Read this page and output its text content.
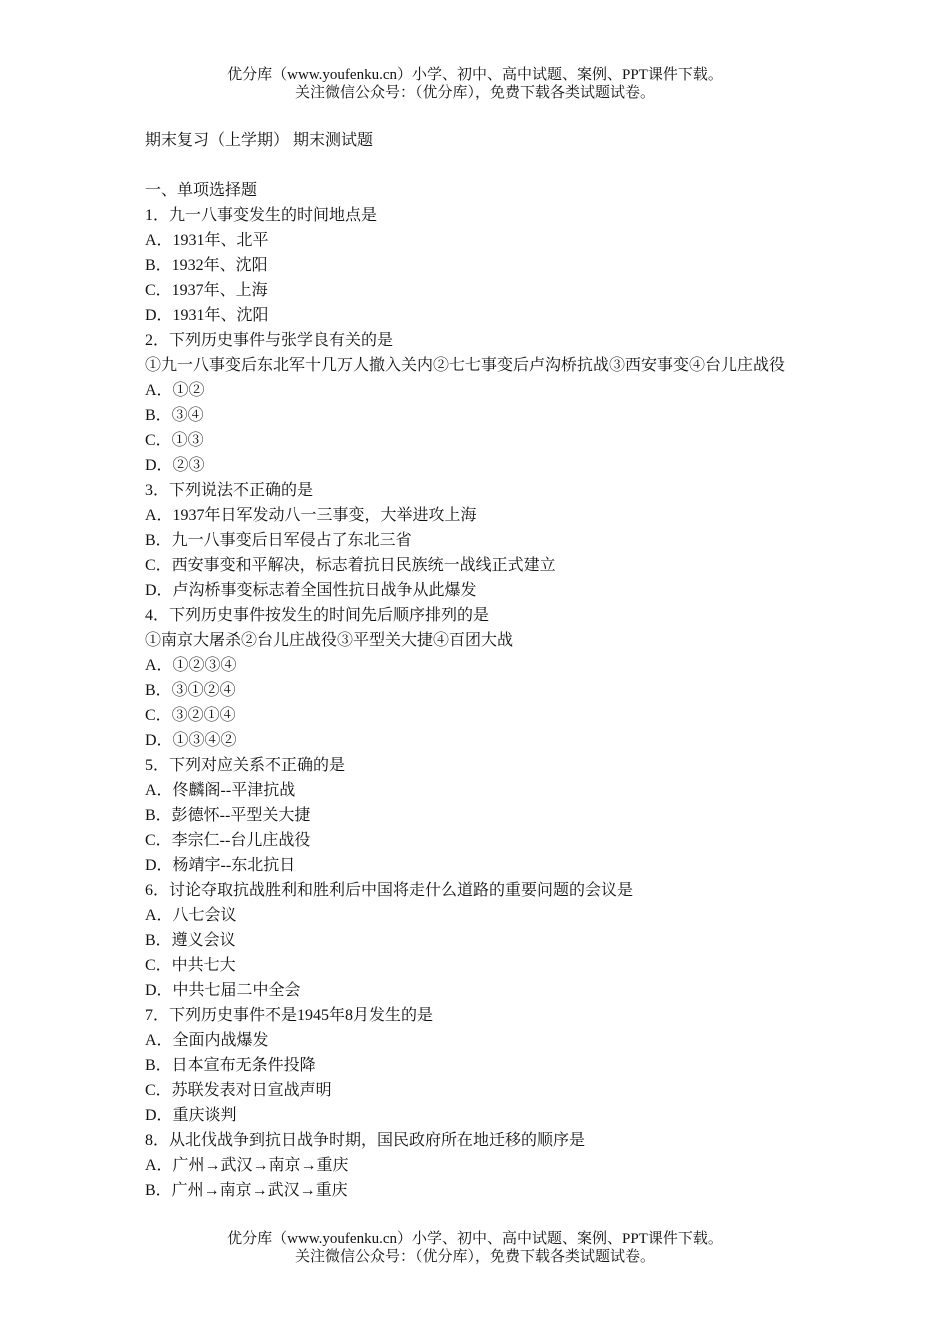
优分库（www.youfenku.cn）小学、初中、高中试题、案例、PPT课件下载。
关注微信公众号：（优分库），免费下载各类试题试卷。
期末复习（上学期） 期末测试题
一、单项选择题
1．九一八事变发生的时间地点是
A．1931年、北平
B．1932年、沈阳
C．1937年、上海
D．1931年、沈阳
2．下列历史事件与张学良有关的是
①九一八事变后东北军十几万人撤入关内②七七事变后卢沟桥抗战③西安事变④台儿庄战役
A．①②
B．③④
C．①③
D．②③
3．下列说法不正确的是
A．1937年日军发动八一三事变，大举进攻上海
B．九一八事变后日军侵占了东北三省
C．西安事变和平解决，标志着抗日民族统一战线正式建立
D．卢沟桥事变标志着全国性抗日战争从此爆发
4．下列历史事件按发生的时间先后顺序排列的是
①南京大屠杀②台儿庄战役③平型关大捷④百团大战
A．①②③④
B．③①②④
C．③②①④
D．①③④②
5．下列对应关系不正确的是
A．佟麟阁--平津抗战
B．彭德怀--平型关大捷
C．李宗仁--台儿庄战役
D．杨靖宇--东北抗日
6．讨论夺取抗战胜利和胜利后中国将走什么道路的重要问题的会议是
A．八七会议
B．遵义会议
C．中共七大
D．中共七届二中全会
7．下列历史事件不是1945年8月发生的是
A．全面内战爆发
B．日本宣布无条件投降
C．苏联发表对日宣战声明
D．重庆谈判
8．从北伐战争到抗日战争时期，国民政府所在地迁移的顺序是
A．广州→武汉→南京→重庆
B．广州→南京→武汉→重庆
优分库（www.youfenku.cn）小学、初中、高中试题、案例、PPT课件下载。
关注微信公众号：（优分库），免费下载各类试题试卷。
